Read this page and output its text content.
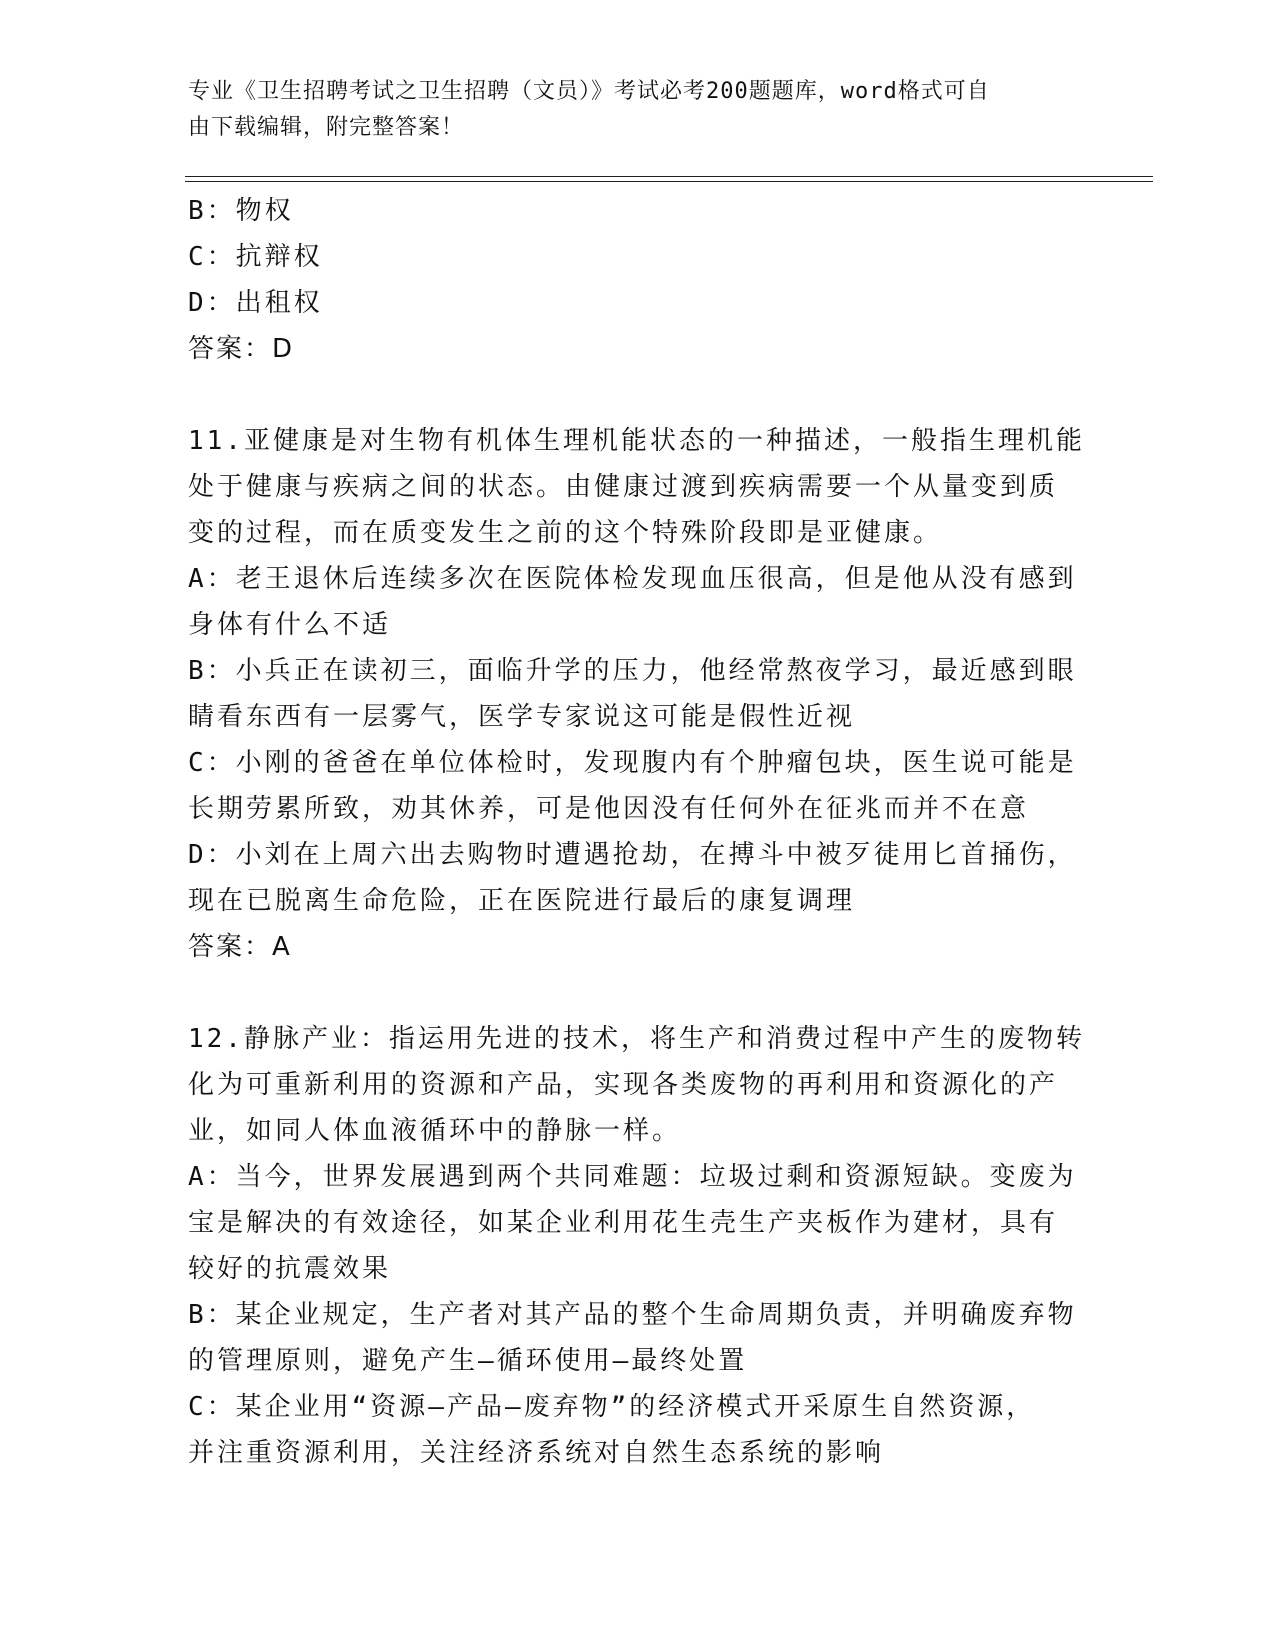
专业《卫生招聘考试之卫生招聘（文员）》考试必考200题题库，word格式可自
由下载编辑，附完整答案！
B：物权
C：抗辩权
D：出租权
答案：D
11.亚健康是对生物有机体生理机能状态的一种描述，一般指生理机能
处于健康与疾病之间的状态。由健康过渡到疾病需要一个从量变到质
变的过程，而在质变发生之前的这个特殊阶段即是亚健康。
A：老王退休后连续多次在医院体检发现血压很高，但是他从没有感到
身体有什么不适
B：小兵正在读初三，面临升学的压力，他经常熬夜学习，最近感到眼
睛看东西有一层雾气，医学专家说这可能是假性近视
C：小刚的爸爸在单位体检时，发现腹内有个肿瘤包块，医生说可能是
长期劳累所致，劝其休养，可是他因没有任何外在征兆而并不在意
D：小刘在上周六出去购物时遭遇抢劫，在搏斗中被歹徒用匕首捅伤，
现在已脱离生命危险，正在医院进行最后的康复调理
答案：A
12.静脉产业：指运用先进的技术，将生产和消费过程中产生的废物转
化为可重新利用的资源和产品，实现各类废物的再利用和资源化的产
业，如同人体血液循环中的静脉一样。
A：当今，世界发展遇到两个共同难题：垃圾过剩和资源短缺。变废为
宝是解决的有效途径，如某企业利用花生壳生产夹板作为建材，具有
较好的抗震效果
B：某企业规定，生产者对其产品的整个生命周期负责，并明确废弃物
的管理原则，避免产生—循环使用—最终处置
C：某企业用“资源—产品—废弃物”的经济模式开采原生自然资源，
并注重资源利用，关注经济系统对自然生态系统的影响
